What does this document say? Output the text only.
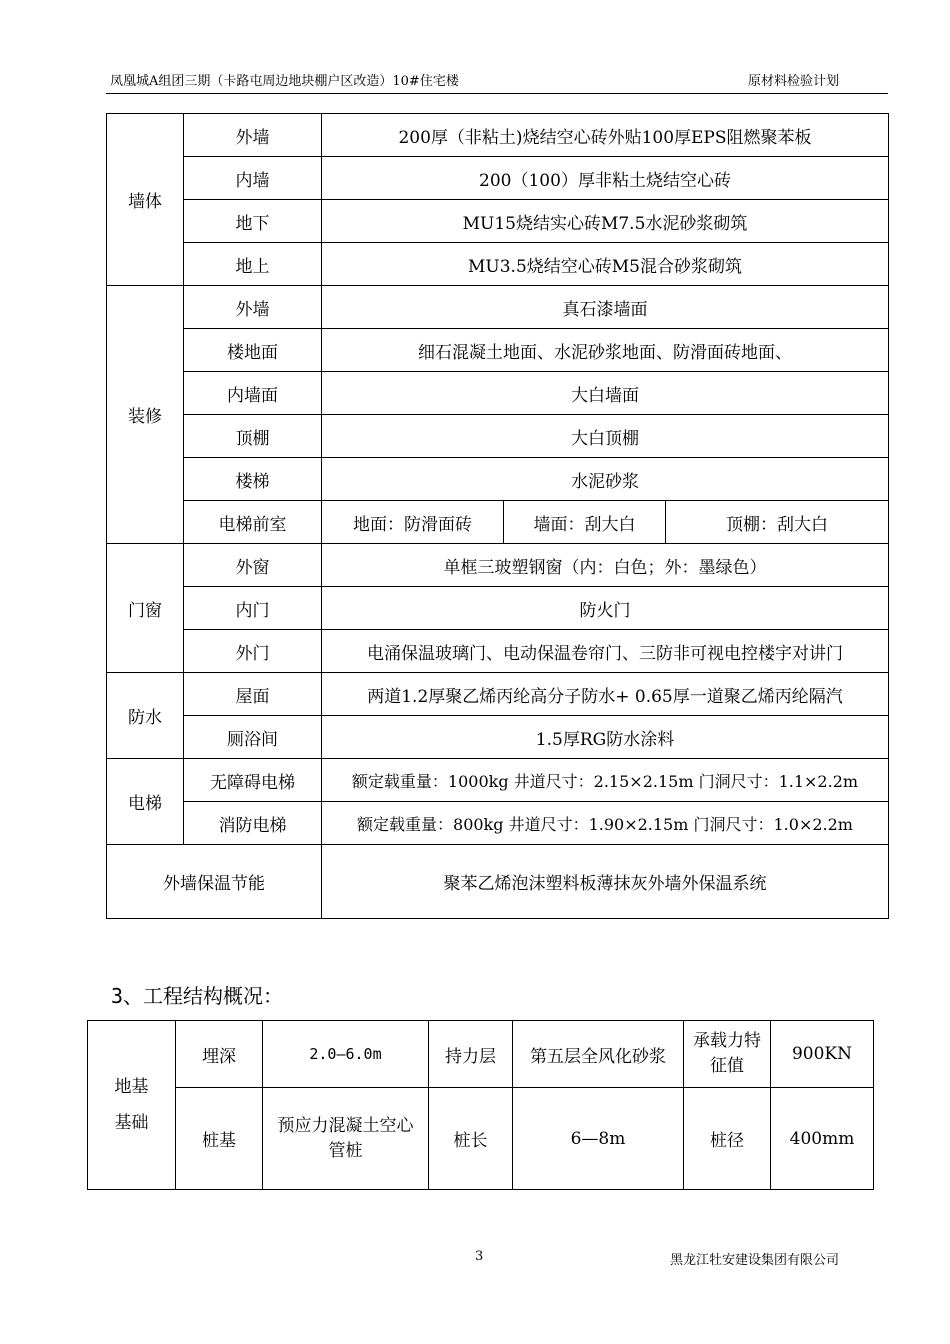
凤凰城A组团三期（卡路屯周边地块棚户区改造）10#住宅楼	原材料检验计划
墙体	外墙	200厚（非粘土)烧结空心砖外贴100厚EPS阻燃聚苯板		
	内墙	200（100）厚非粘土烧结空心砖		
	地下	MU15烧结实心砖M7.5水泥砂浆砌筑		
	地上	MU3.5烧结空心砖M5混合砂浆砌筑		
装修	外墙	真石漆墙面		
	楼地面	细石混凝土地面、水泥砂浆地面、防滑面砖地面、		
	内墙面	大白墙面		
	顶棚	大白顶棚		
	楼梯	水泥砂浆		
	电梯前室	地面：防滑面砖	墙面：刮大白	顶棚：刮大白
门窗	外窗	单框三玻塑钢窗（内：白色；外：墨绿色）		
	内门	防火门		
	外门	电涌保温玻璃门、电动保温卷帘门、三防非可视电控楼宇对讲门		
防水	屋面	两道1.2厚聚乙烯丙纶高分子防水+ 0.65厚一道聚乙烯丙纶隔汽		
	厕浴间	1.5厚RG防水涂料		
电梯	无障碍电梯	额定载重量：1000kg 井道尺寸：2.15×2.15m 门洞尺寸：1.1×2.2m		
	消防电梯	额定载重量：800kg 井道尺寸：1.90×2.15m 门洞尺寸：1.0×2.2m		
外墙保温节能		聚苯乙烯泡沫塑料板薄抹灰外墙外保温系统		
3、工程结构概况：
地基
基础	埋深	2.0—6.0m	持力层	第五层全风化砂浆	承载力特征值	900KN
	桩基	预应力混凝土空心管桩	桩长	6—8m	桩径	400mm
3	黑龙江牡安建设集团有限公司
